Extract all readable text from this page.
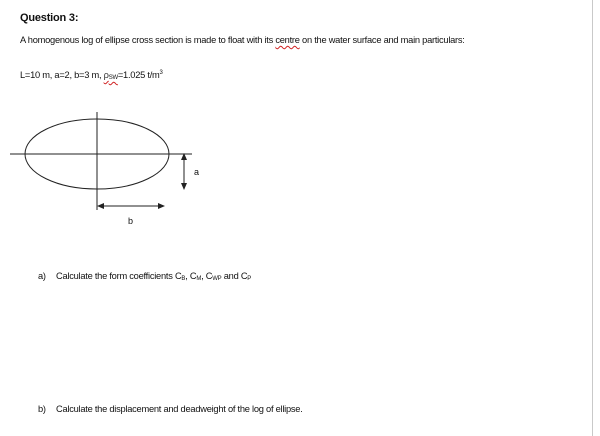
Question 3:
A homogenous log of ellipse cross section is made to float with its centre on the water surface and main particulars:
L=10 m, a=2, b=3 m, $\rho_{SW}=1.025$ $t/m^3$
a
b
a) Calculate the form coefficients CB, CM, CWP and CP
b) Calculate the displacement and deadweight of the log of ellipse.
